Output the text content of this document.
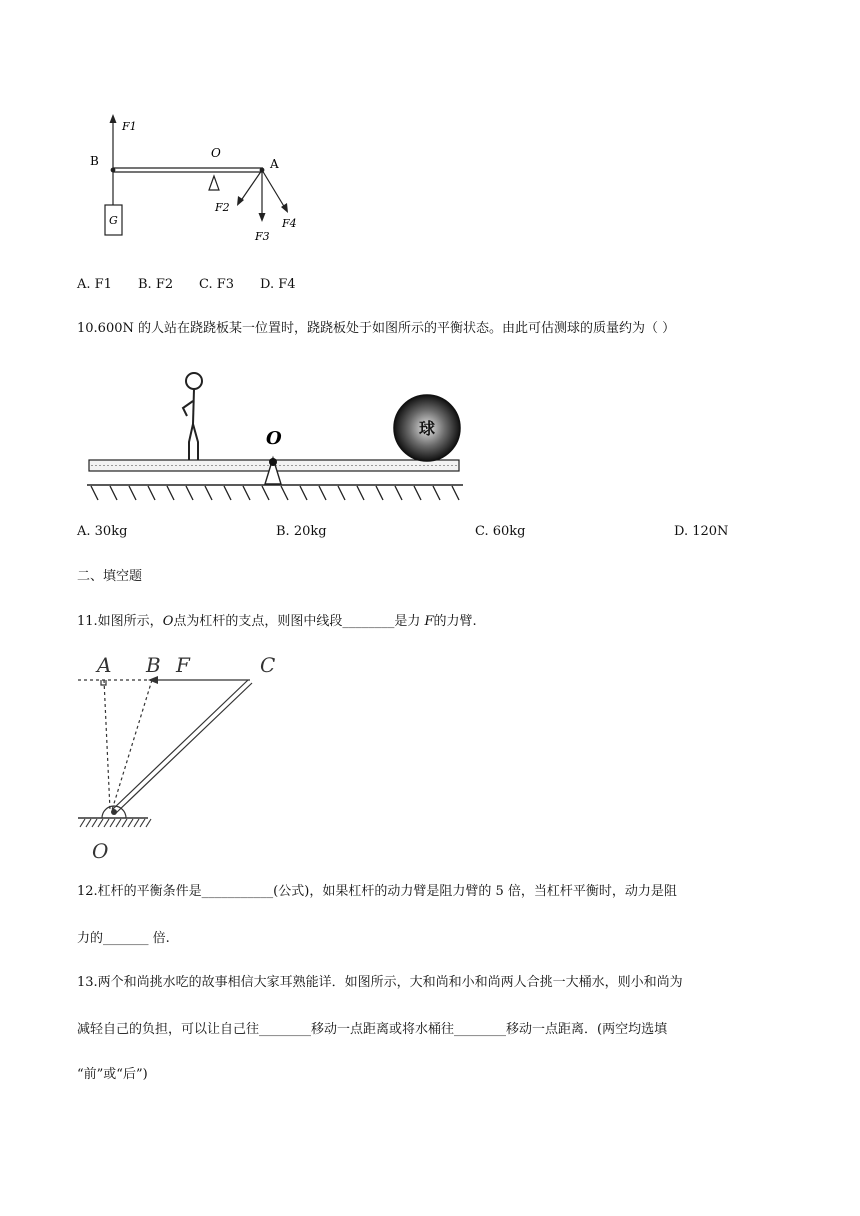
F1
B
O
A
G
F2
F3
F4
A. F1 B. F2 C. F3 D. F4
10.600N 的人站在跷跷板某一位置时，跷跷板处于如图所示的平衡状态。由此可估测球的质量约为（ ）
球
O
A. 30kg	B. 20kg	C. 60kg	D. 120N
二、填空题
11.如图所示，O点为杠杆的支点，则图中线段________是力 F的力臂.
A B F	C
O
12.杠杆的平衡条件是___________(公式)，如果杠杆的动力臂是阻力臂的 5 倍，当杠杆平衡时，动力是阻
力的_______ 倍.
13.两个和尚挑水吃的故事相信大家耳熟能详．如图所示，大和尚和小和尚两人合挑一大桶水，则小和尚为
减轻自己的负担，可以让自己往________移动一点距离或将水桶往________移动一点距离．(两空均选填
“前”或“后”)
